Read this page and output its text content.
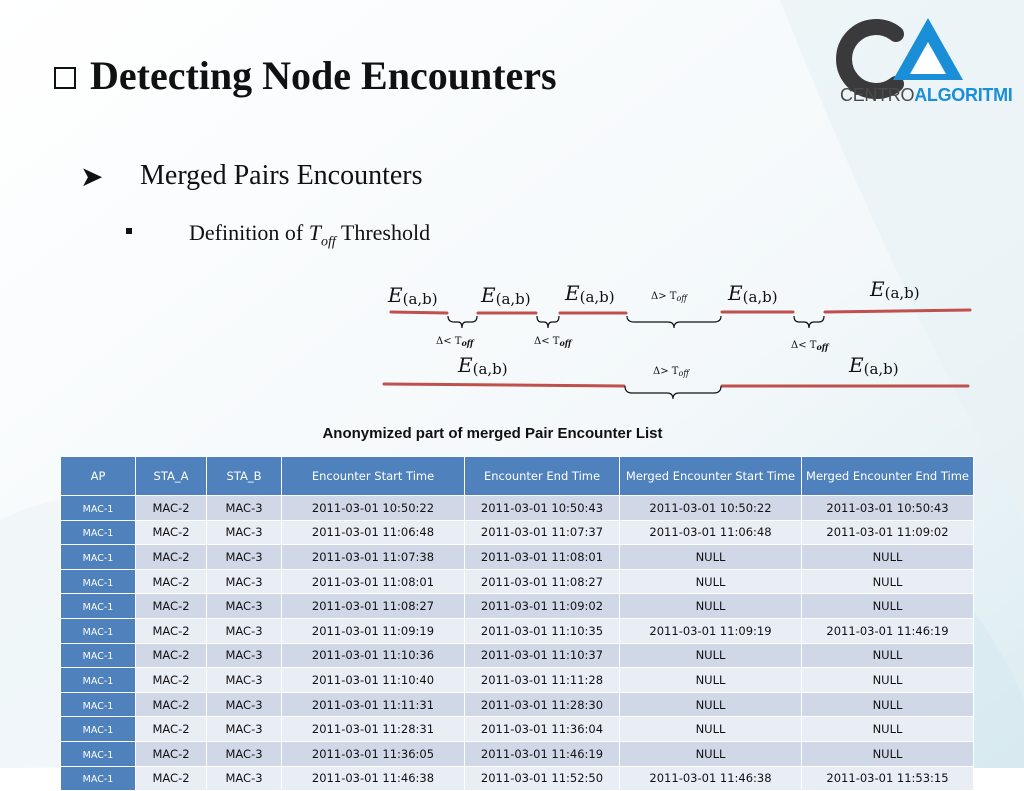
Detecting Node Encounters	CENTROALGORITMI
➤ Merged Pairs Encounters
Definition of $T_{off}$ Threshold
E(a,b) E(a,b) E(a,b)	E(a,b)	E(a,b)
E(a,b)	E(a,b)
$\Delta< T_{off}$	$\Delta< T_{off}$	$\Delta< T_{off}$
$\Delta> T_{off}$
$\Delta> T_{off}$
Anonymized part of merged Pair Encounter List
AP	STA_A	STA_B	Encounter Start Time	Encounter End Time	Merged Encounter Start Time	Merged Encounter End Time
MAC-1	MAC-2	MAC-3	2011-03-01 10:50:22	2011-03-01 10:50:43	2011-03-01 10:50:22	2011-03-01 10:50:43
MAC-1	MAC-2	MAC-3	2011-03-01 11:06:48	2011-03-01 11:07:37	2011-03-01 11:06:48	2011-03-01 11:09:02
MAC-1	MAC-2	MAC-3	2011-03-01 11:07:38	2011-03-01 11:08:01	NULL	NULL
MAC-1	MAC-2	MAC-3	2011-03-01 11:08:01	2011-03-01 11:08:27	NULL	NULL
MAC-1	MAC-2	MAC-3	2011-03-01 11:08:27	2011-03-01 11:09:02	NULL	NULL
MAC-1	MAC-2	MAC-3	2011-03-01 11:09:19	2011-03-01 11:10:35	2011-03-01 11:09:19	2011-03-01 11:46:19
MAC-1	MAC-2	MAC-3	2011-03-01 11:10:36	2011-03-01 11:10:37	NULL	NULL
MAC-1	MAC-2	MAC-3	2011-03-01 11:10:40	2011-03-01 11:11:28	NULL	NULL
MAC-1	MAC-2	MAC-3	2011-03-01 11:11:31	2011-03-01 11:28:30	NULL	NULL
MAC-1	MAC-2	MAC-3	2011-03-01 11:28:31	2011-03-01 11:36:04	NULL	NULL
MAC-1	MAC-2	MAC-3	2011-03-01 11:36:05	2011-03-01 11:46:19	NULL	NULL
MAC-1	MAC-2	MAC-3	2011-03-01 11:46:38	2011-03-01 11:52:50	2011-03-01 11:46:38	2011-03-01 11:53:15
